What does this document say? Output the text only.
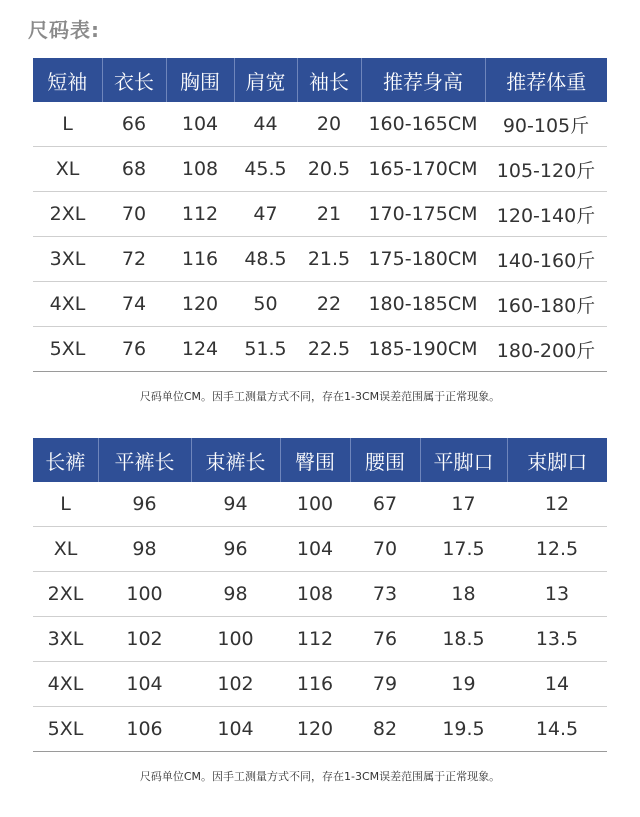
尺码表:
短袖	衣长	胸围	肩宽	袖长	推荐身高	推荐体重
L	66	104	44	20	160-165CM	90-105斤
XL	68	108	45.5	20.5	165-170CM	105-120斤
2XL	70	112	47	21	170-175CM	120-140斤
3XL	72	116	48.5	21.5	175-180CM	140-160斤
4XL	74	120	50	22	180-185CM	160-180斤
5XL	76	124	51.5	22.5	185-190CM	180-200斤
尺码单位CM。因手工测量方式不同，存在1-3CM误差范围属于正常现象。
长裤	平裤长	束裤长	臀围	腰围	平脚口	束脚口
L	96	94	100	67	17	12
XL	98	96	104	70	17.5	12.5
2XL	100	98	108	73	18	13
3XL	102	100	112	76	18.5	13.5
4XL	104	102	116	79	19	14
5XL	106	104	120	82	19.5	14.5
尺码单位CM。因手工测量方式不同，存在1-3CM误差范围属于正常现象。
